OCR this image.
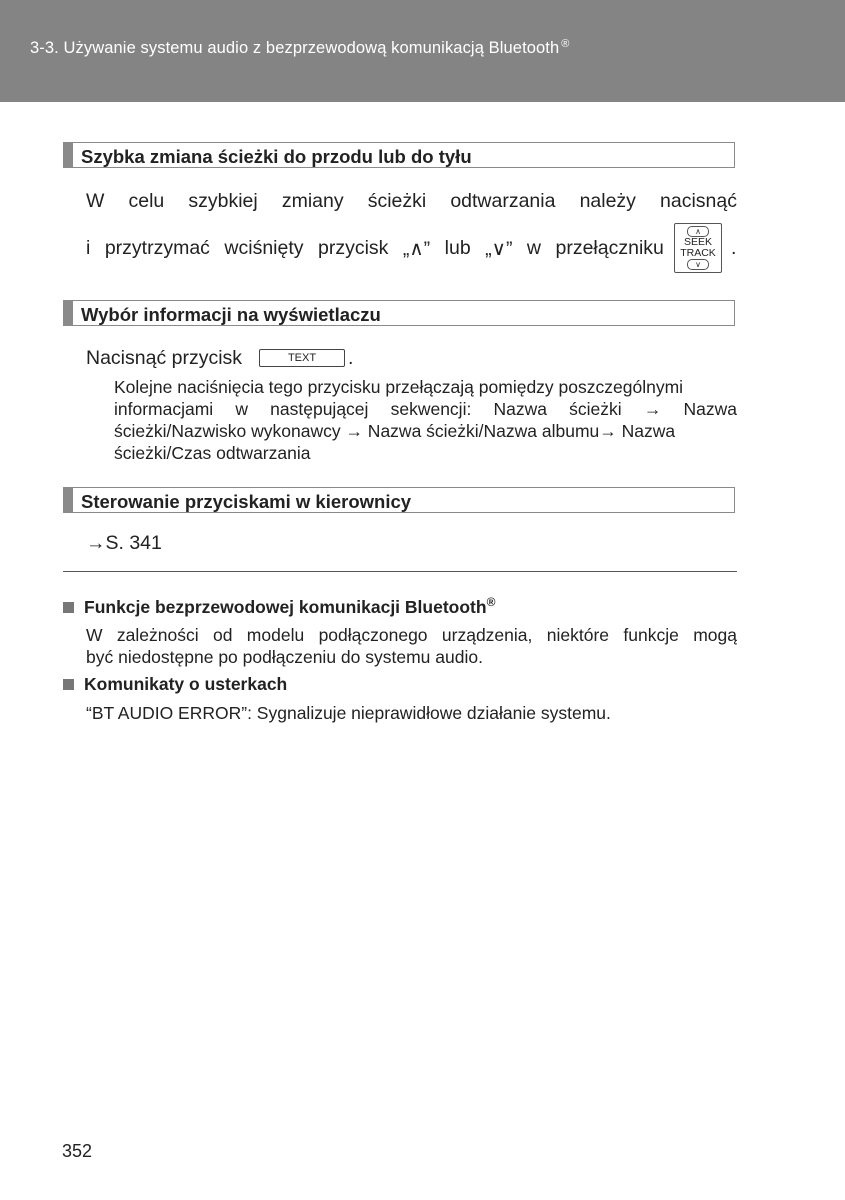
3-3. Używanie systemu audio z bezprzewodową komunikacją Bluetooth ®
Szybka zmiana ścieżki do przodu lub do tyłu
W celu szybkiej zmiany ścieżki odtwarzania należy nacisnąć
i przytrzymać wciśnięty przycisk „∧” lub „∨” w przełączniku
∧
SEEK
TRACK
∨
.
Wybór informacji na wyświetlaczu
Nacisnąć przycisk	TEXT	.
Kolejne naciśnięcia tego przycisku przełączają pomiędzy poszczególnymi
informacjami w następującej sekwencji: Nazwa ścieżki → Nazwa
ścieżki/Nazwisko wykonawcy → Nazwa ścieżki/Nazwa albumu→ Nazwa
ścieżki/Czas odtwarzania
Sterowanie przyciskami w kierownicy
→S. 341
Funkcje bezprzewodowej komunikacji Bluetooth®
W zależności od modelu podłączonego urządzenia, niektóre funkcje mogą
być niedostępne po podłączeniu do systemu audio.
Komunikaty o usterkach
“BT AUDIO ERROR”: Sygnalizuje nieprawidłowe działanie systemu.
352
